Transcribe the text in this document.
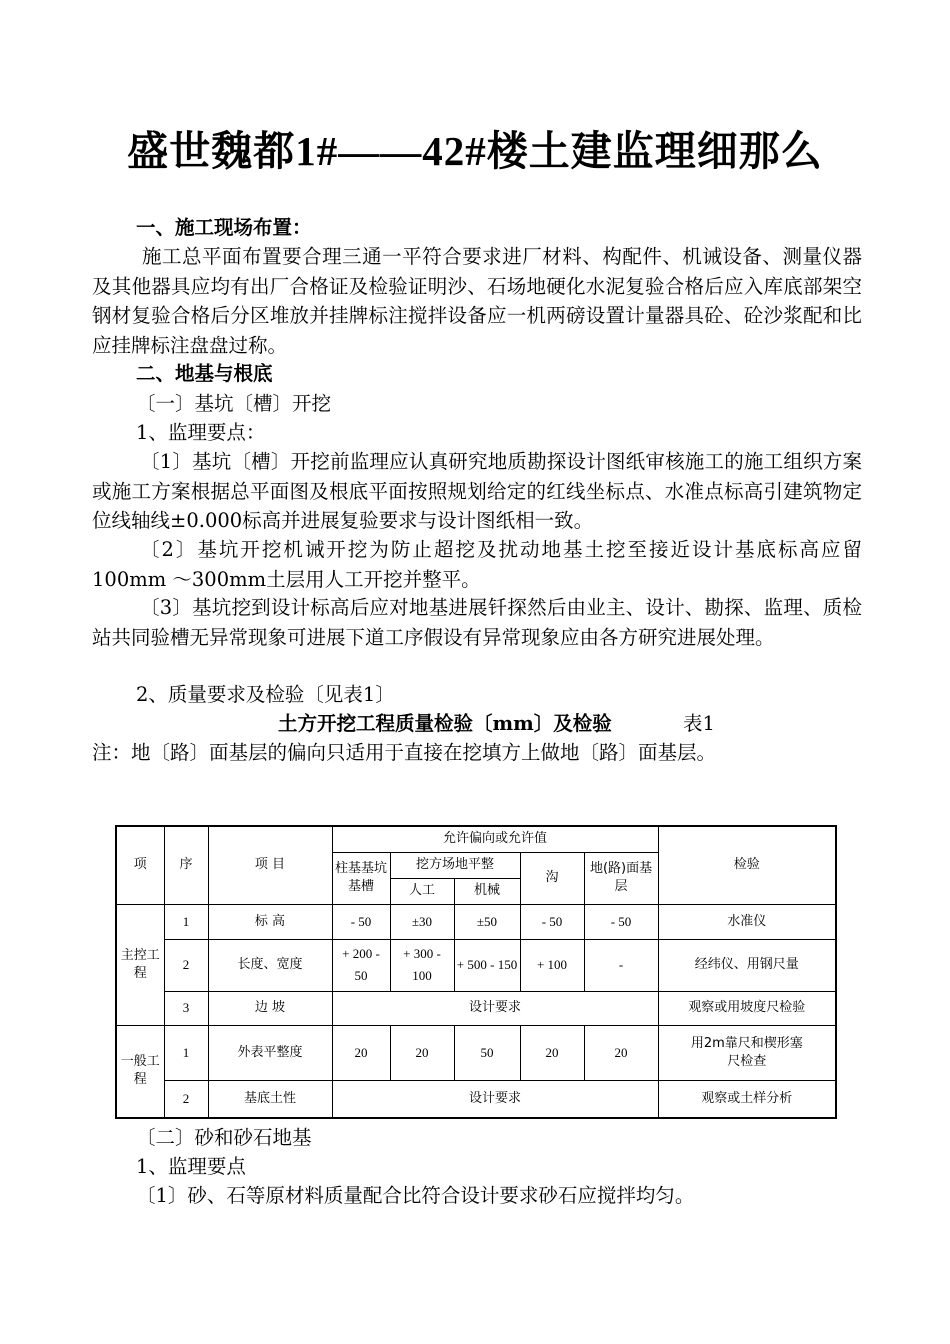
盛世魏都1#——42#楼土建监理细那么
一、施工现场布置：

施工总平面布置要合理三通一平符合要求进厂材料、构配件、机诫设备、测量仪器及其他器具应均有出厂合格证及检验证明沙、石场地硬化水泥复验合格后应入库底部架空钢材复验合格后分区堆放并挂牌标注搅拌设备应一机两磅设置计量器具砼、砼沙浆配和比应挂牌标注盘盘过称。

二、地基与根底
〔一〕基坑〔槽〕开挖
1、监理要点：

〔1〕基坑〔槽〕开挖前监理应认真研究地质勘探设计图纸审核施工的施工组织方案或施工方案根据总平面图及根底平面按照规划给定的红线坐标点、水准点标高引建筑物定位线轴线±0.000标高并进展复验要求与设计图纸相一致。

〔2〕基坑开挖机诫开挖为防止超挖及扰动地基土挖至接近设计基底标高应留100mm ～300mm土层用人工开挖并整平。

〔3〕基坑挖到设计标高后应对地基进展钎探然后由业主、设计、勘探、监理、质检站共同验槽无异常现象可进展下道工序假设有异常现象应由各方研究进展处理。

2、质量要求及检验〔见表1〕
土方开挖工程质量检验〔mm〕及检验	表1
注：地〔路〕面基层的偏向只适用于直接在挖填方上做地〔路〕面基层。
项	序	项 目	允许偏向或允许值					检验
			柱基基坑基槽	挖方场地平整		沟	地(路)面基层	
				人工	机械			
主控工程	1	标 高	- 50	±30	±50	- 50	- 50	水准仪
	2	长度、宽度	+ 200 - 50	+ 300 - 100	+ 500 - 150	+ 100	-	经纬仪、用钢尺量
	3	边 坡	设计要求					观察或用坡度尺检验
一般工程	1	外表平整度	20	20	50	20	20	用2m靠尺和楔形塞尺检查
	2	基底土性	设计要求					观察或土样分析
〔二〕砂和砂石地基
1、监理要点
〔1〕砂、石等原材料质量配合比符合设计要求砂石应搅拌均匀。
